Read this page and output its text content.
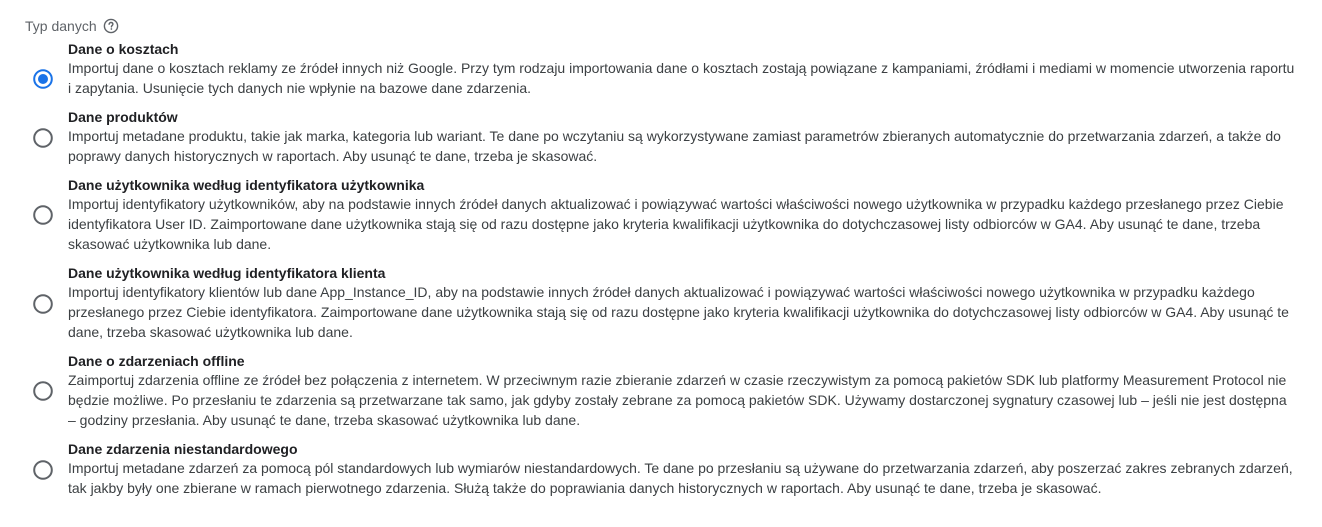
Typ danych

Dane o kosztach

Importuj dane o kosztach reklamy ze źródeł innych niż Google. Przy tym rodzaju importowania dane o kosztach zostają powiązane z kampaniami, źródłami i mediami w momencie utworzenia raportu i zapytania. Usunięcie tych danych nie wpłynie na bazowe dane zdarzenia.

Dane produktów

Importuj metadane produktu, takie jak marka, kategoria lub wariant. Te dane po wczytaniu są wykorzystywane zamiast parametrów zbieranych automatycznie do przetwarzania zdarzeń, a także do poprawy danych historycznych w raportach. Aby usunąć te dane, trzeba je skasować.

Dane użytkownika według identyfikatora użytkownika

Importuj identyfikatory użytkowników, aby na podstawie innych źródeł danych aktualizować i powiązywać wartości właściwości nowego użytkownika w przypadku każdego przesłanego przez Ciebie identyfikatora User ID. Zaimportowane dane użytkownika stają się od razu dostępne jako kryteria kwalifikacji użytkownika do dotychczasowej listy odbiorców w GA4. Aby usunąć te dane, trzeba skasować użytkownika lub dane.

Dane użytkownika według identyfikatora klienta

Importuj identyfikatory klientów lub dane App_Instance_ID, aby na podstawie innych źródeł danych aktualizować i powiązywać wartości właściwości nowego użytkownika w przypadku każdego przesłanego przez Ciebie identyfikatora. Zaimportowane dane użytkownika stają się od razu dostępne jako kryteria kwalifikacji użytkownika do dotychczasowej listy odbiorców w GA4. Aby usunąć te dane, trzeba skasować użytkownika lub dane.

Dane o zdarzeniach offline

Zaimportuj zdarzenia offline ze źródeł bez połączenia z internetem. W przeciwnym razie zbieranie zdarzeń w czasie rzeczywistym za pomocą pakietów SDK lub platformy Measurement Protocol nie będzie możliwe. Po przesłaniu te zdarzenia są przetwarzane tak samo, jak gdyby zostały zebrane za pomocą pakietów SDK. Używamy dostarczonej sygnatury czasowej lub – jeśli nie jest dostępna – godziny przesłania. Aby usunąć te dane, trzeba skasować użytkownika lub dane.

Dane zdarzenia niestandardowego

Importuj metadane zdarzeń za pomocą pól standardowych lub wymiarów niestandardowych. Te dane po przesłaniu są używane do przetwarzania zdarzeń, aby poszerzać zakres zebranych zdarzeń, tak jakby były one zbierane w ramach pierwotnego zdarzenia. Służą także do poprawiania danych historycznych w raportach. Aby usunąć te dane, trzeba je skasować.
